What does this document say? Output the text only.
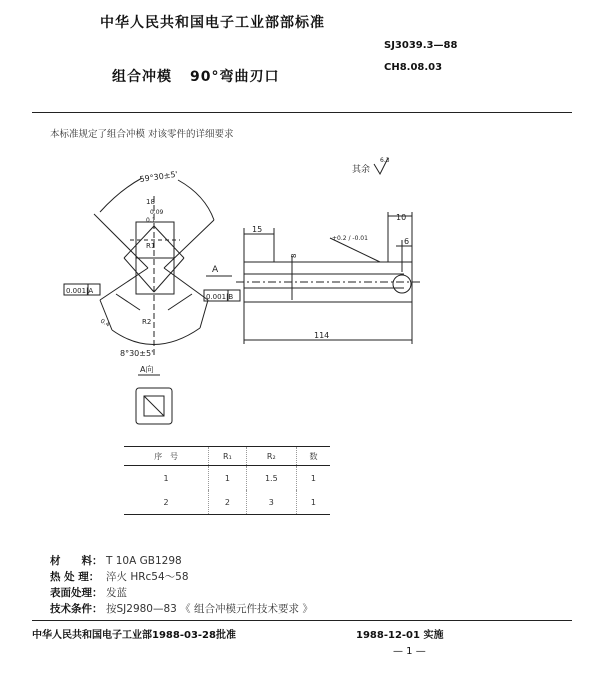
中华人民共和国电子工业部部标准
SJ3039.3—88
组合冲模 90°弯曲刃口
CH8.08.03
本标准规定了组合冲模 对该零件的详细要求
其余
6.3
59°30±5'
18
0.09
0.1
R1
R2
0.4
8°30±5'
0.001|A
0.001|B
A
15
8
+0.2 / -0.01
10
6
114
A向
序　号	R₁	R₂	数
1	1	1.5	1
2	2	3	1
材　　料： T 10A GB1298
热 处 理： 淬火 HRc54～58
表面处理： 发蓝
技术条件： 按SJ2980—83 《 组合冲模元件技术要求 》
中华人民共和国电子工业部1988-03-28批准	1988-12-01 实施
— 1 —
